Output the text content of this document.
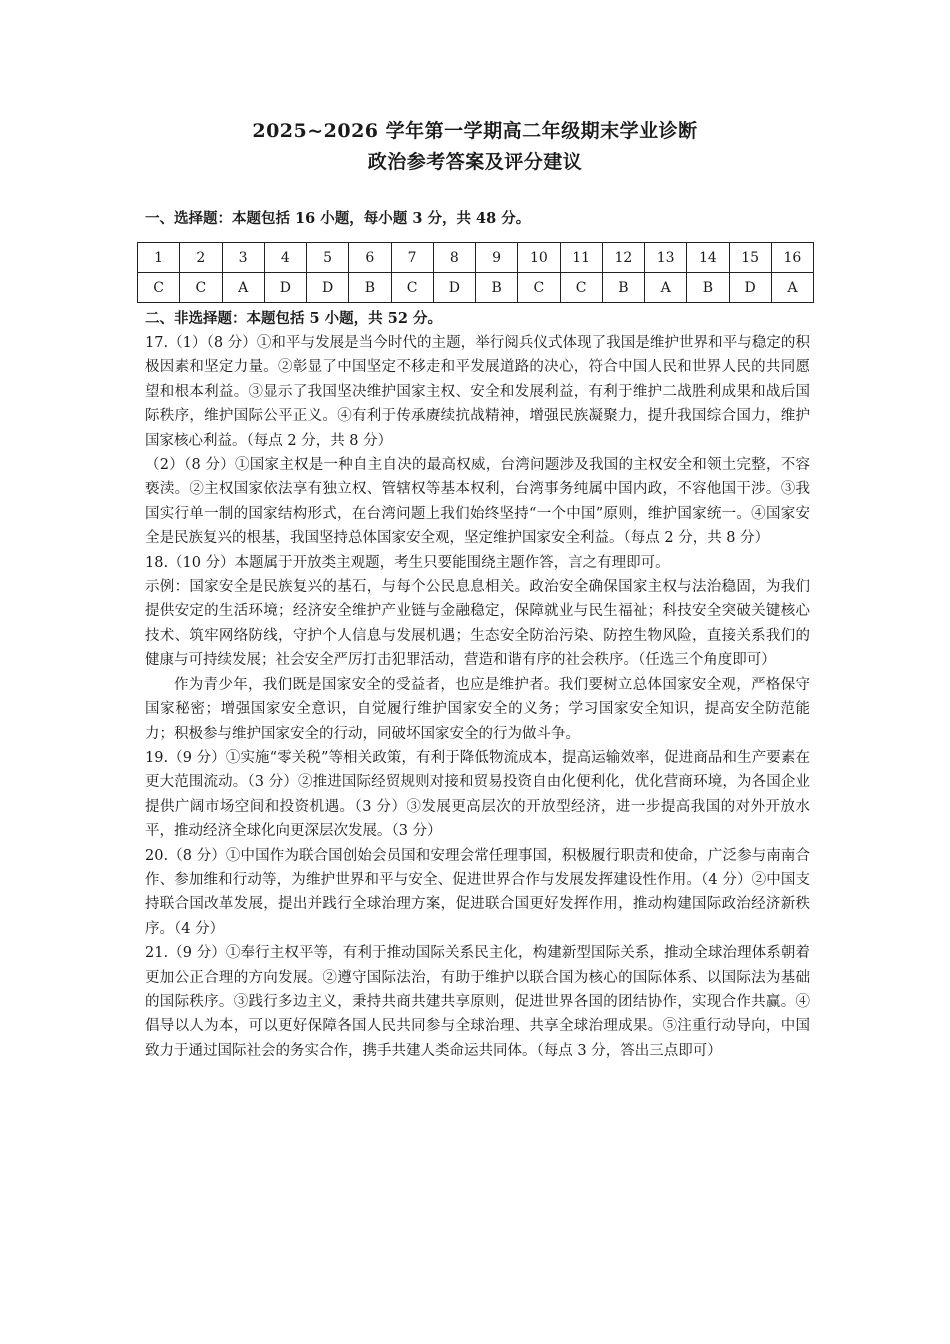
2025~2026 学年第一学期高二年级期末学业诊断
政治参考答案及评分建议
一、选择题：本题包括 16 小题，每小题 3 分，共 48 分。
1	2	3	4	5	6	7	8	9	10	11	12	13	14	15	16
C	C	A	D	D	B	C	D	B	C	C	B	A	B	D	A
二、非选择题：本题包括 5 小题，共 52 分。

17.（1）（8 分）①和平与发展是当今时代的主题，举行阅兵仪式体现了我国是维护世界和平与稳定的积极因素和坚定力量。②彰显了中国坚定不移走和平发展道路的决心，符合中国人民和世界人民的共同愿望和根本利益。③显示了我国坚决维护国家主权、安全和发展利益，有利于维护二战胜利成果和战后国际秩序，维护国际公平正义。④有利于传承赓续抗战精神，增强民族凝聚力，提升我国综合国力，维护国家核心利益。（每点 2 分，共 8 分）

（2）（8 分）①国家主权是一种自主自决的最高权威，台湾问题涉及我国的主权安全和领土完整，不容亵渎。②主权国家依法享有独立权、管辖权等基本权利，台湾事务纯属中国内政，不容他国干涉。③我国实行单一制的国家结构形式，在台湾问题上我们始终坚持“一个中国”原则，维护国家统一。④国家安全是民族复兴的根基，我国坚持总体国家安全观，坚定维护国家安全利益。（每点 2 分，共 8 分）

18.（10 分）本题属于开放类主观题，考生只要能围绕主题作答，言之有理即可。

示例：国家安全是民族复兴的基石，与每个公民息息相关。政治安全确保国家主权与法治稳固，为我们提供安定的生活环境；经济安全维护产业链与金融稳定，保障就业与民生福祉；科技安全突破关键核心技术、筑牢网络防线，守护个人信息与发展机遇；生态安全防治污染、防控生物风险，直接关系我们的健康与可持续发展；社会安全严厉打击犯罪活动，营造和谐有序的社会秩序。（任选三个角度即可）

作为青少年，我们既是国家安全的受益者，也应是维护者。我们要树立总体国家安全观，严格保守国家秘密；增强国家安全意识，自觉履行维护国家安全的义务；学习国家安全知识，提高安全防范能力；积极参与维护国家安全的行动，同破坏国家安全的行为做斗争。

19.（9 分）①实施“零关税”等相关政策，有利于降低物流成本，提高运输效率，促进商品和生产要素在更大范围流动。（3 分）②推进国际经贸规则对接和贸易投资自由化便利化，优化营商环境，为各国企业提供广阔市场空间和投资机遇。（3 分）③发展更高层次的开放型经济，进一步提高我国的对外开放水平，推动经济全球化向更深层次发展。（3 分）

20.（8 分）①中国作为联合国创始会员国和安理会常任理事国，积极履行职责和使命，广泛参与南南合作、参加维和行动等，为维护世界和平与安全、促进世界合作与发展发挥建设性作用。（4 分）②中国支持联合国改革发展，提出并践行全球治理方案，促进联合国更好发挥作用，推动构建国际政治经济新秩序。（4 分）

21.（9 分）①奉行主权平等，有利于推动国际关系民主化，构建新型国际关系，推动全球治理体系朝着更加公正合理的方向发展。②遵守国际法治，有助于维护以联合国为核心的国际体系、以国际法为基础的国际秩序。③践行多边主义，秉持共商共建共享原则，促进世界各国的团结协作，实现合作共赢。④倡导以人为本，可以更好保障各国人民共同参与全球治理、共享全球治理成果。⑤注重行动导向，中国致力于通过国际社会的务实合作，携手共建人类命运共同体。（每点 3 分，答出三点即可）
